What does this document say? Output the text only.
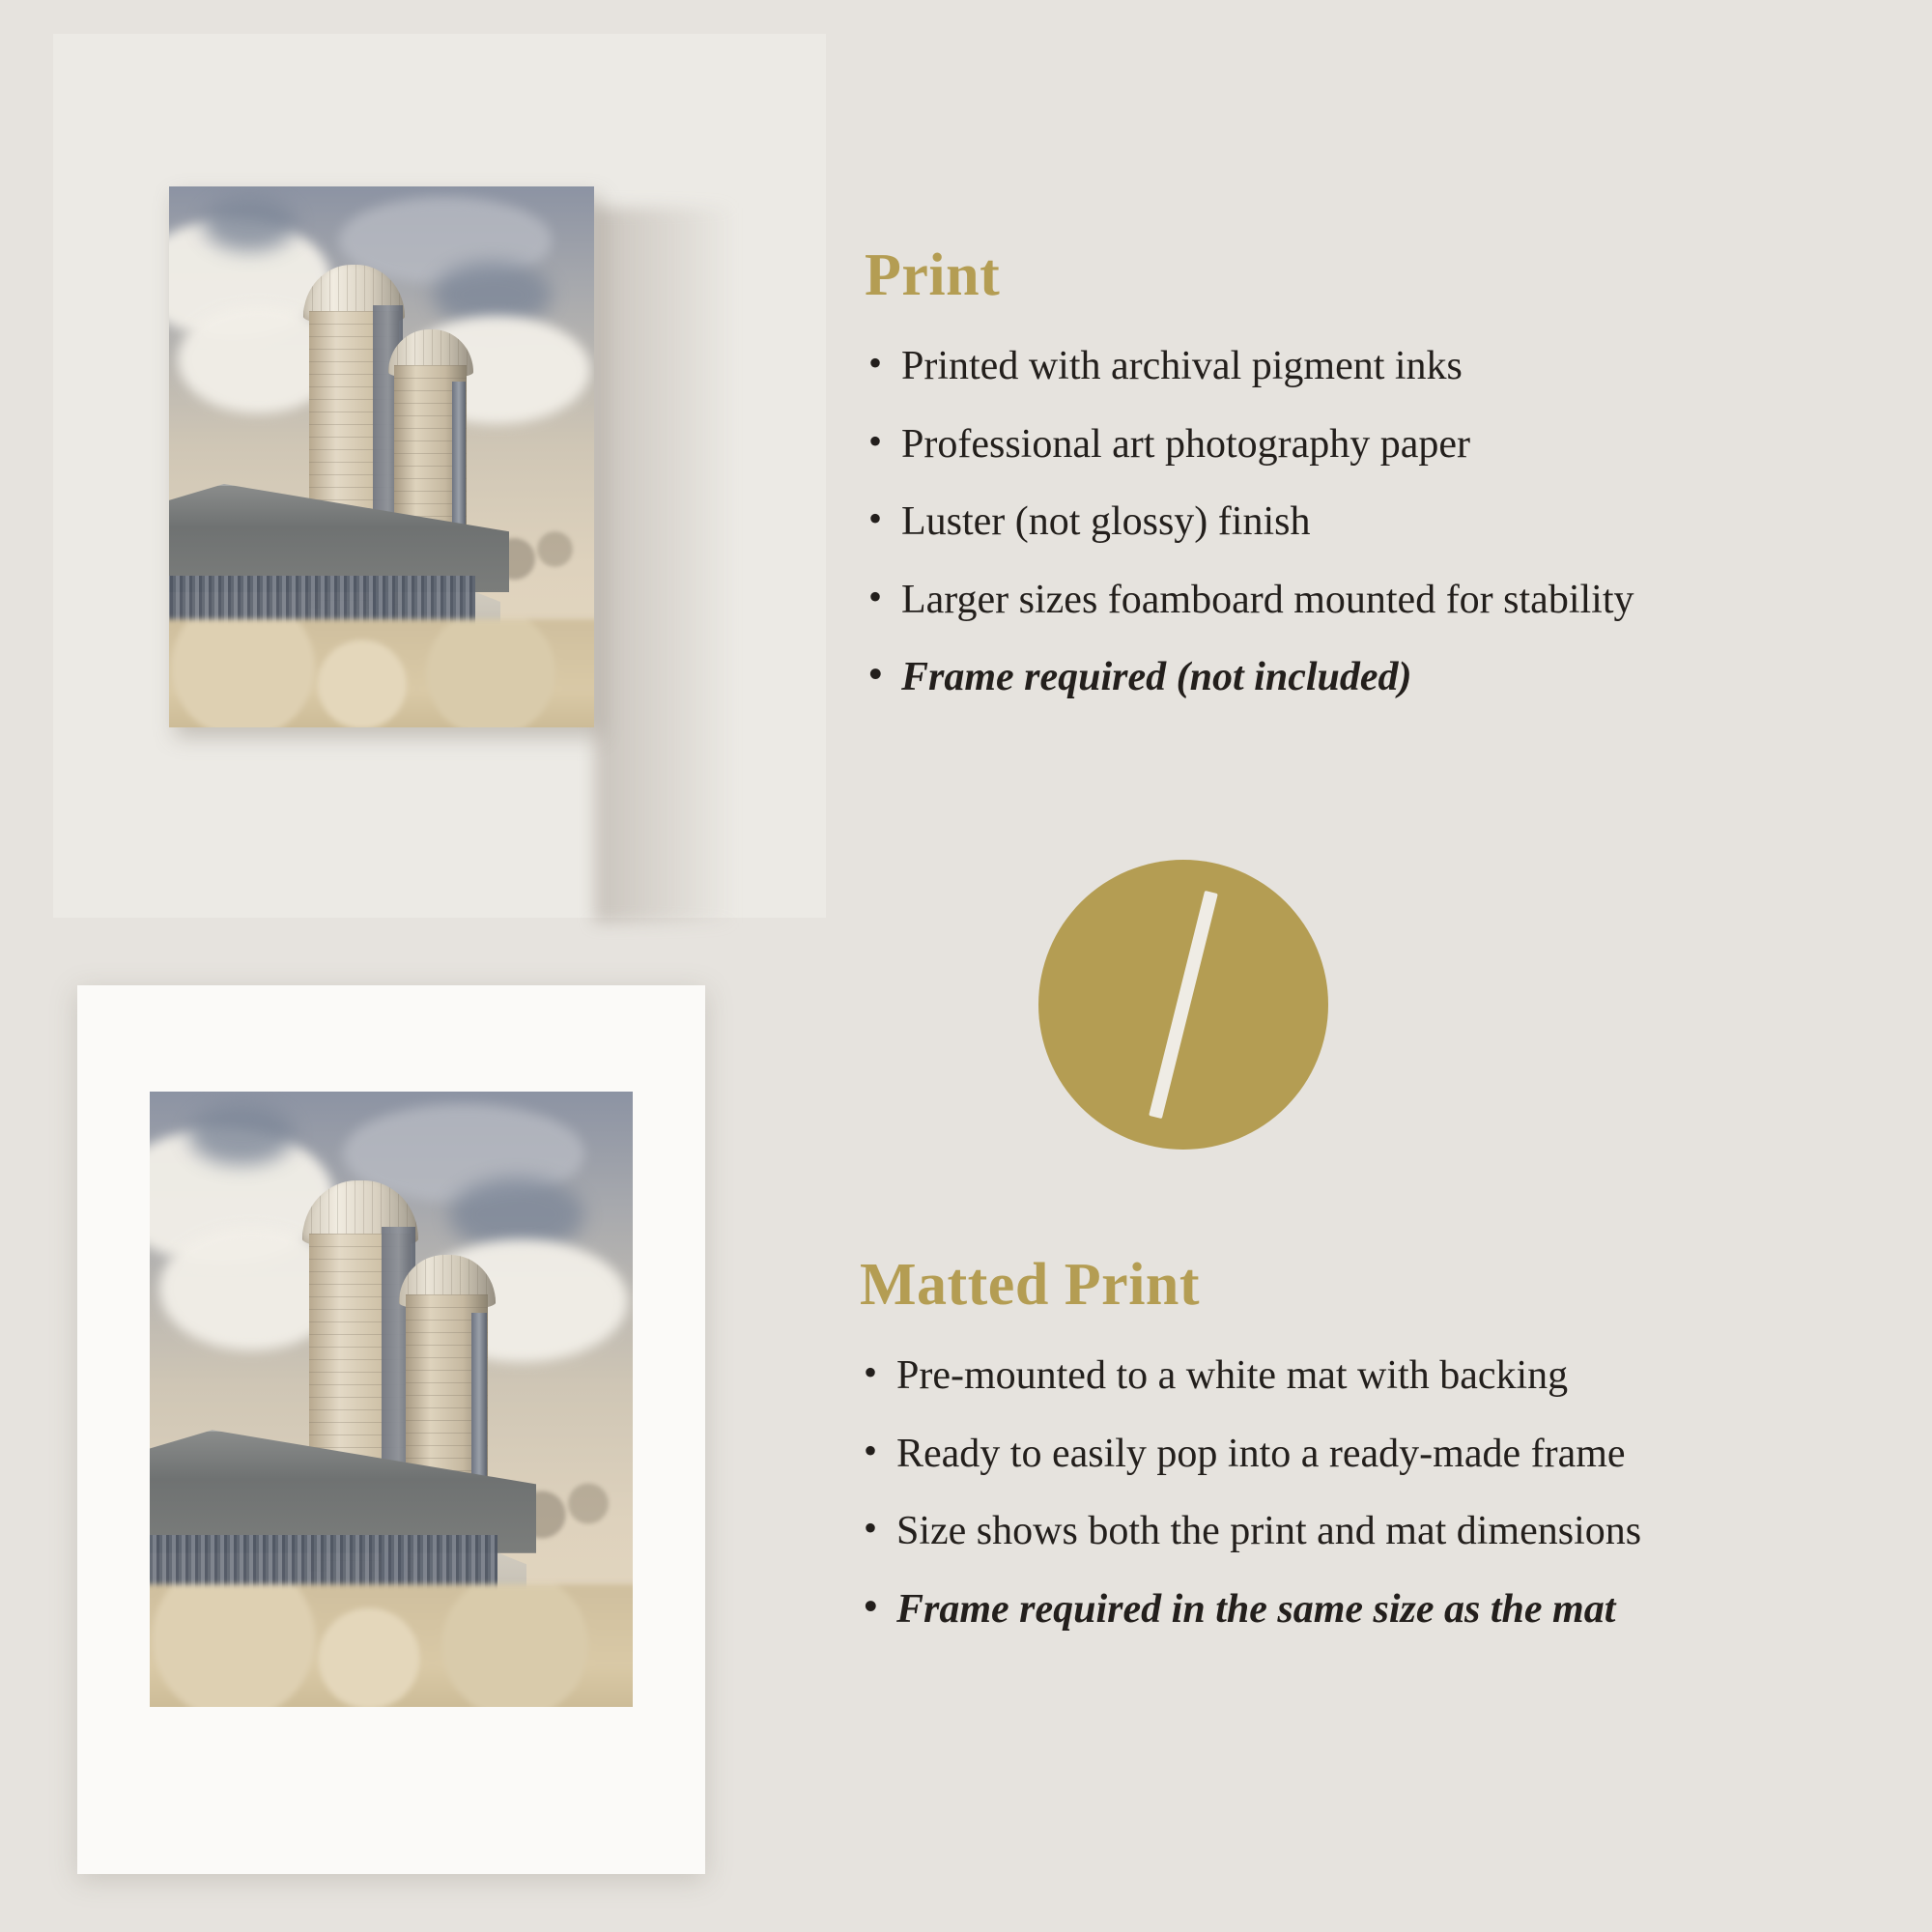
Print
• Printed with archival pigment inks
• Professional art photography paper
• Luster (not glossy) finish
• Larger sizes foamboard mounted for stability
• Frame required (not included)
Matted Print
• Pre-mounted to a white mat with backing
• Ready to easily pop into a ready-made frame
• Size shows both the print and mat dimensions
• Frame required in the same size as the mat
